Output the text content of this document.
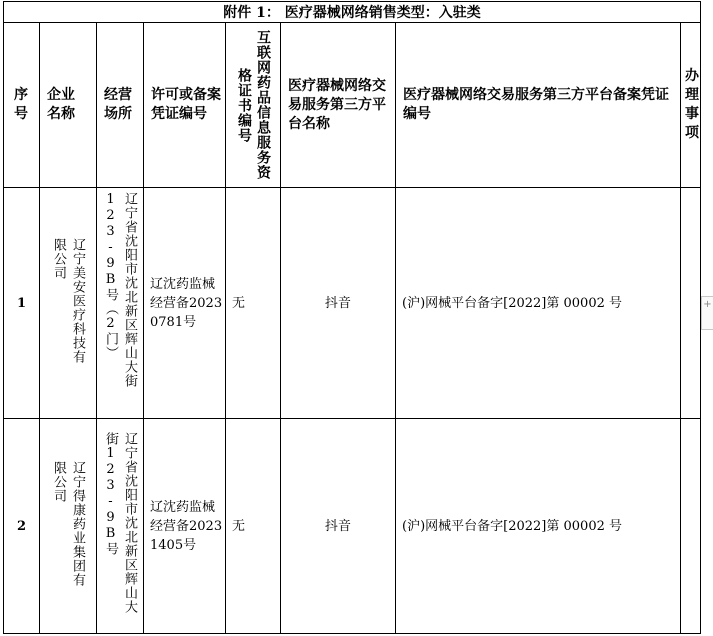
附件 1： 医疗器械网络销售类型：入驻类							

序号	企业名称	经营场所	许可或备案凭证编号	互联网药品信息服务资格证书编号	医疗器械网络交易服务第三方平台名称	医疗器械网络交易服务第三方平台备案凭证编号	办理事项

1	辽宁美安医疗科技有限公司	辽宁省沈阳市沈北新区辉山大街123-9B号（2门）	辽沈药监械经营备20230781号	无	抖音	(沪)网械平台备字[2022]第 00002 号	
2	辽宁得康药业集团有限公司	辽宁省沈阳市沈北新区辉山大街123-9B号	辽沈药监械经营备20231405号	无	抖音	(沪)网械平台备字[2022]第 00002 号	
+
